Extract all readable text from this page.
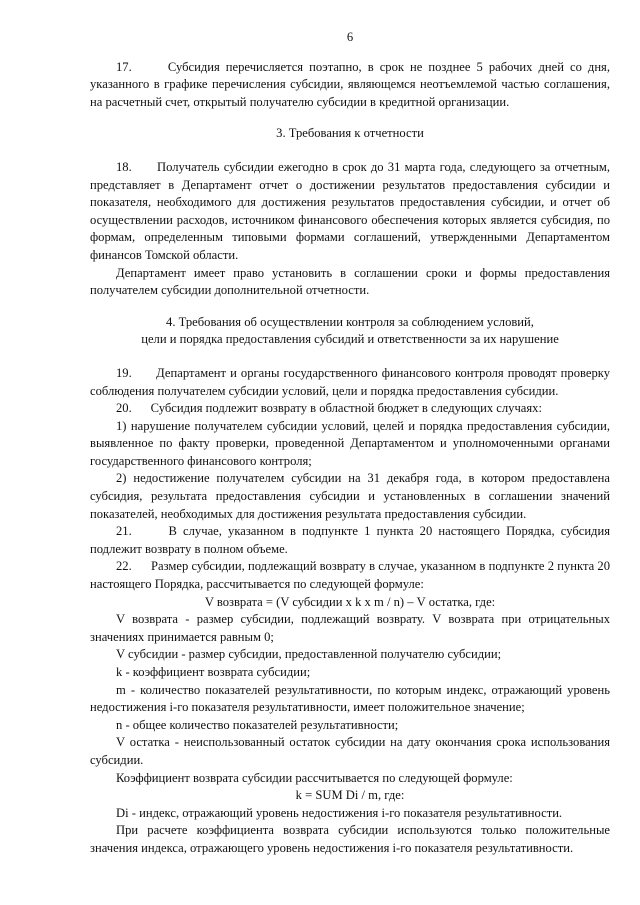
6

17.      Субсидия перечисляется поэтапно, в срок не позднее 5 рабочих дней со дня, указанного в графике перечисления субсидии, являющемся неотъемлемой частью соглашения, на расчетный счет, открытый получателю субсидии в кредитной организации.

3. Требования к отчетности

18.      Получатель субсидии ежегодно в срок до 31 марта года, следующего за отчетным, представляет в Департамент отчет о достижении результатов предоставления субсидии и показателя, необходимого для достижения результатов предоставления субсидии, и отчет об осуществлении расходов, источником финансового обеспечения которых является субсидия, по формам, определенным типовыми формами соглашений, утвержденными Департаментом финансов Томской области.

Департамент имеет право установить в соглашении сроки и формы предоставления получателем субсидии дополнительной отчетности.

4. Требования об осуществлении контроля за соблюдением условий,
цели и порядка предоставления субсидий и ответственности за их нарушение

19.      Департамент и органы государственного финансового контроля проводят проверку соблюдения получателем субсидии условий, цели и порядка предоставления субсидии.

20.      Субсидия подлежит возврату в областной бюджет в следующих случаях:

1) нарушение получателем субсидии условий, целей и порядка предоставления субсидии, выявленное по факту проверки, проведенной Департаментом и уполномоченными органами государственного финансового контроля;

2) недостижение получателем субсидии на 31 декабря года, в котором предоставлена субсидия, результата предоставления субсидии и установленных в соглашении значений показателей, необходимых для достижения результата предоставления субсидии.

21.      В случае, указанном в подпункте 1 пункта 20 настоящего Порядка, субсидия подлежит возврату в полном объеме.

22.      Размер субсидии, подлежащий возврату в случае, указанном в подпункте 2 пункта 20 настоящего Порядка, рассчитывается по следующей формуле:

V возврата = (V субсидии x k x m / n) – V остатка, где:

V возврата - размер субсидии, подлежащий возврату. V возврата при отрицательных значениях принимается равным 0;

V субсидии - размер субсидии, предоставленной получателю субсидии;

k - коэффициент возврата субсидии;

m - количество показателей результативности, по которым индекс, отражающий уровень недостижения i-го показателя результативности, имеет положительное значение;

n - общее количество показателей результативности;

V остатка - неиспользованный остаток субсидии на дату окончания срока использования субсидии.

Коэффициент возврата субсидии рассчитывается по следующей формуле:

k = SUM Di / m, где:

Di - индекс, отражающий уровень недостижения i-го показателя результативности.

При расчете коэффициента возврата субсидии используются только положительные значения индекса, отражающего уровень недостижения i-го показателя результативности.
